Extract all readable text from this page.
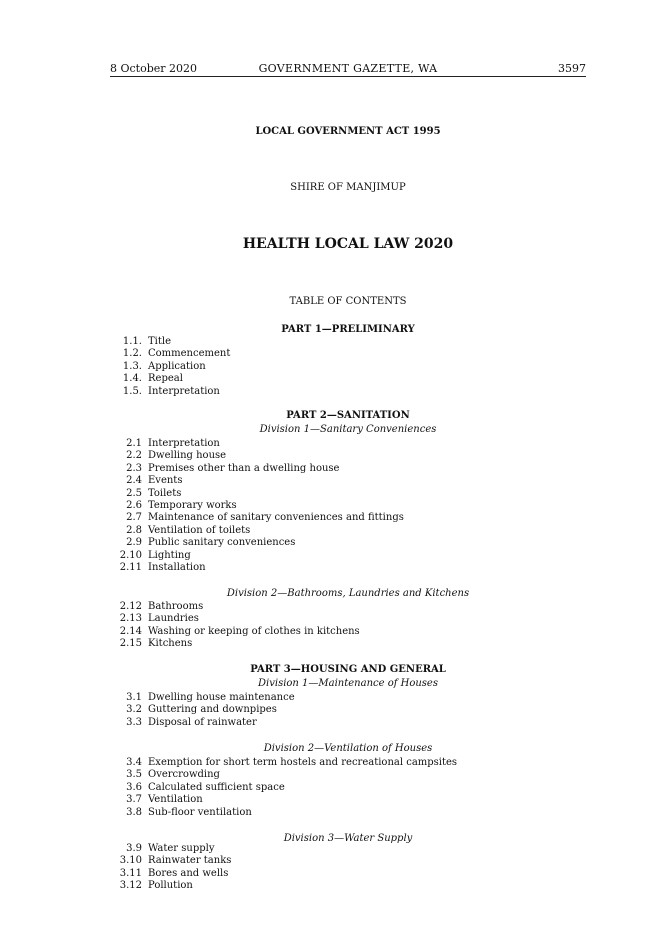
8 October 2020	GOVERNMENT GAZETTE, WA	3597
LOCAL GOVERNMENT ACT 1995
SHIRE OF MANJIMUP
HEALTH LOCAL LAW 2020
TABLE OF CONTENTS
PART 1—PRELIMINARY
1.1. Title
1.2. Commencement
1.3. Application
1.4. Repeal
1.5. Interpretation
PART 2—SANITATION
Division 1—Sanitary Conveniences
2.1 Interpretation
2.2 Dwelling house
2.3 Premises other than a dwelling house
2.4 Events
2.5 Toilets
2.6 Temporary works
2.7 Maintenance of sanitary conveniences and fittings
2.8 Ventilation of toilets
2.9 Public sanitary conveniences
2.10 Lighting
2.11 Installation
Division 2—Bathrooms, Laundries and Kitchens
2.12 Bathrooms
2.13 Laundries
2.14 Washing or keeping of clothes in kitchens
2.15 Kitchens
PART 3—HOUSING AND GENERAL
Division 1—Maintenance of Houses
3.1 Dwelling house maintenance
3.2 Guttering and downpipes
3.3 Disposal of rainwater
Division 2—Ventilation of Houses
3.4 Exemption for short term hostels and recreational campsites
3.5 Overcrowding
3.6 Calculated sufficient space
3.7 Ventilation
3.8 Sub-floor ventilation
Division 3—Water Supply
3.9 Water supply
3.10 Rainwater tanks
3.11 Bores and wells
3.12 Pollution
